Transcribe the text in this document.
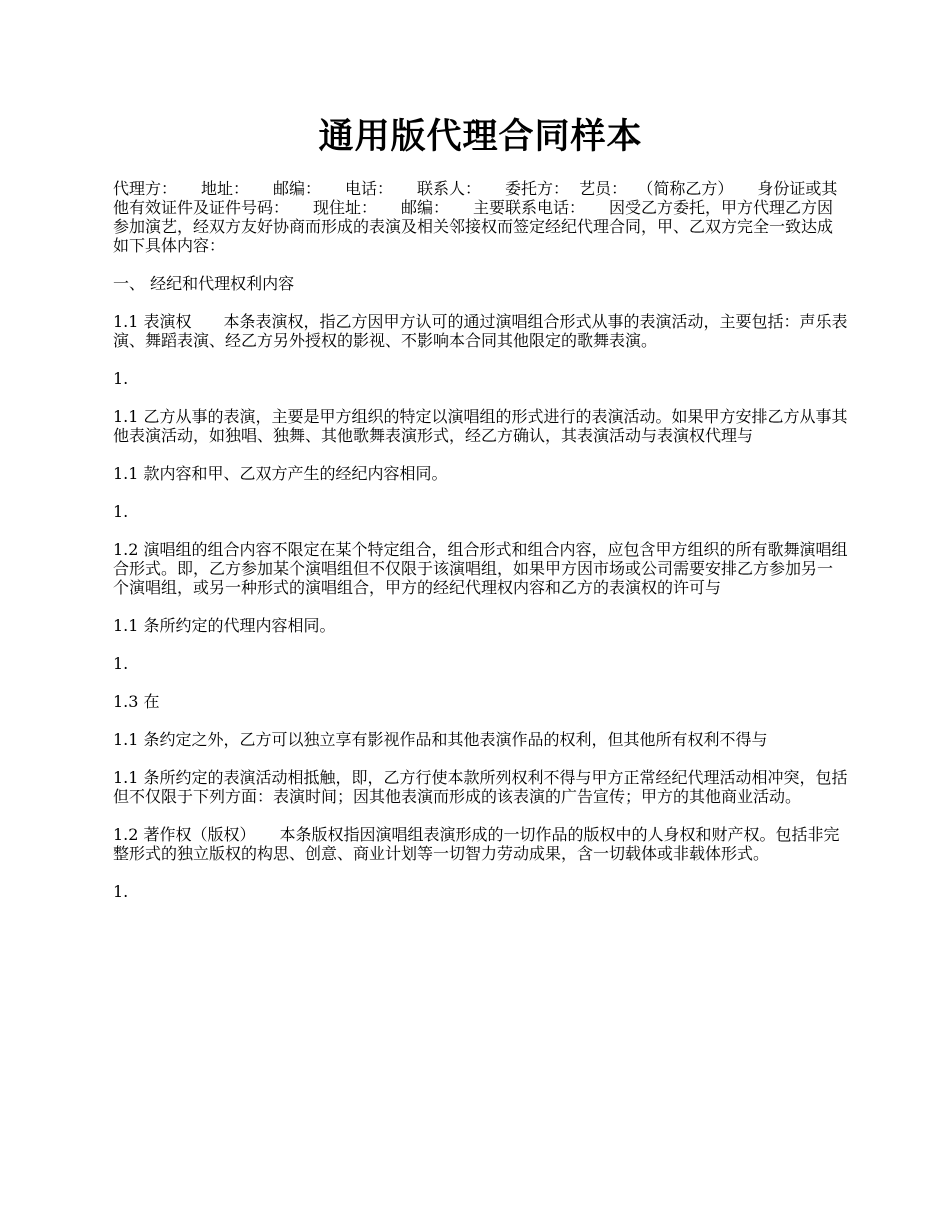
通用版代理合同样本

代理方：　　地址：　　邮编：　　电话：　　联系人：　　委托方：  艺员：  （简称乙方）　　身份证或其他有效证件及证件号码：　　现住址：　　邮编：　　主要联系电话：　　因受乙方委托，甲方代理乙方因参加演艺，经双方友好协商而形成的表演及相关邻接权而签定经纪代理合同，甲、乙双方完全一致达成如下具体内容：

一、 经纪和代理权利内容

1.1 表演权　　本条表演权，指乙方因甲方认可的通过演唱组合形式从事的表演活动，主要包括：声乐表演、舞蹈表演、经乙方另外授权的影视、不影响本合同其他限定的歌舞表演。

1.

1.1 乙方从事的表演，主要是甲方组织的特定以演唱组的形式进行的表演活动。如果甲方安排乙方从事其他表演活动，如独唱、独舞、其他歌舞表演形式，经乙方确认，其表演活动与表演权代理与

1.1 款内容和甲、乙双方产生的经纪内容相同。

1.

1.2 演唱组的组合内容不限定在某个特定组合，组合形式和组合内容，应包含甲方组织的所有歌舞演唱组合形式。即，乙方参加某个演唱组但不仅限于该演唱组，如果甲方因市场或公司需要安排乙方参加另一个演唱组，或另一种形式的演唱组合，甲方的经纪代理权内容和乙方的表演权的许可与

1.1 条所约定的代理内容相同。

1.

1.3 在

1.1 条约定之外，乙方可以独立享有影视作品和其他表演作品的权利，但其他所有权利不得与

1.1 条所约定的表演活动相抵触，即，乙方行使本款所列权利不得与甲方正常经纪代理活动相冲突，包括但不仅限于下列方面：表演时间；因其他表演而形成的该表演的广告宣传；甲方的其他商业活动。

1.2 著作权（版权）　　本条版权指因演唱组表演形成的一切作品的版权中的人身权和财产权。包括非完整形式的独立版权的构思、创意、商业计划等一切智力劳动成果，含一切载体或非载体形式。

1.
